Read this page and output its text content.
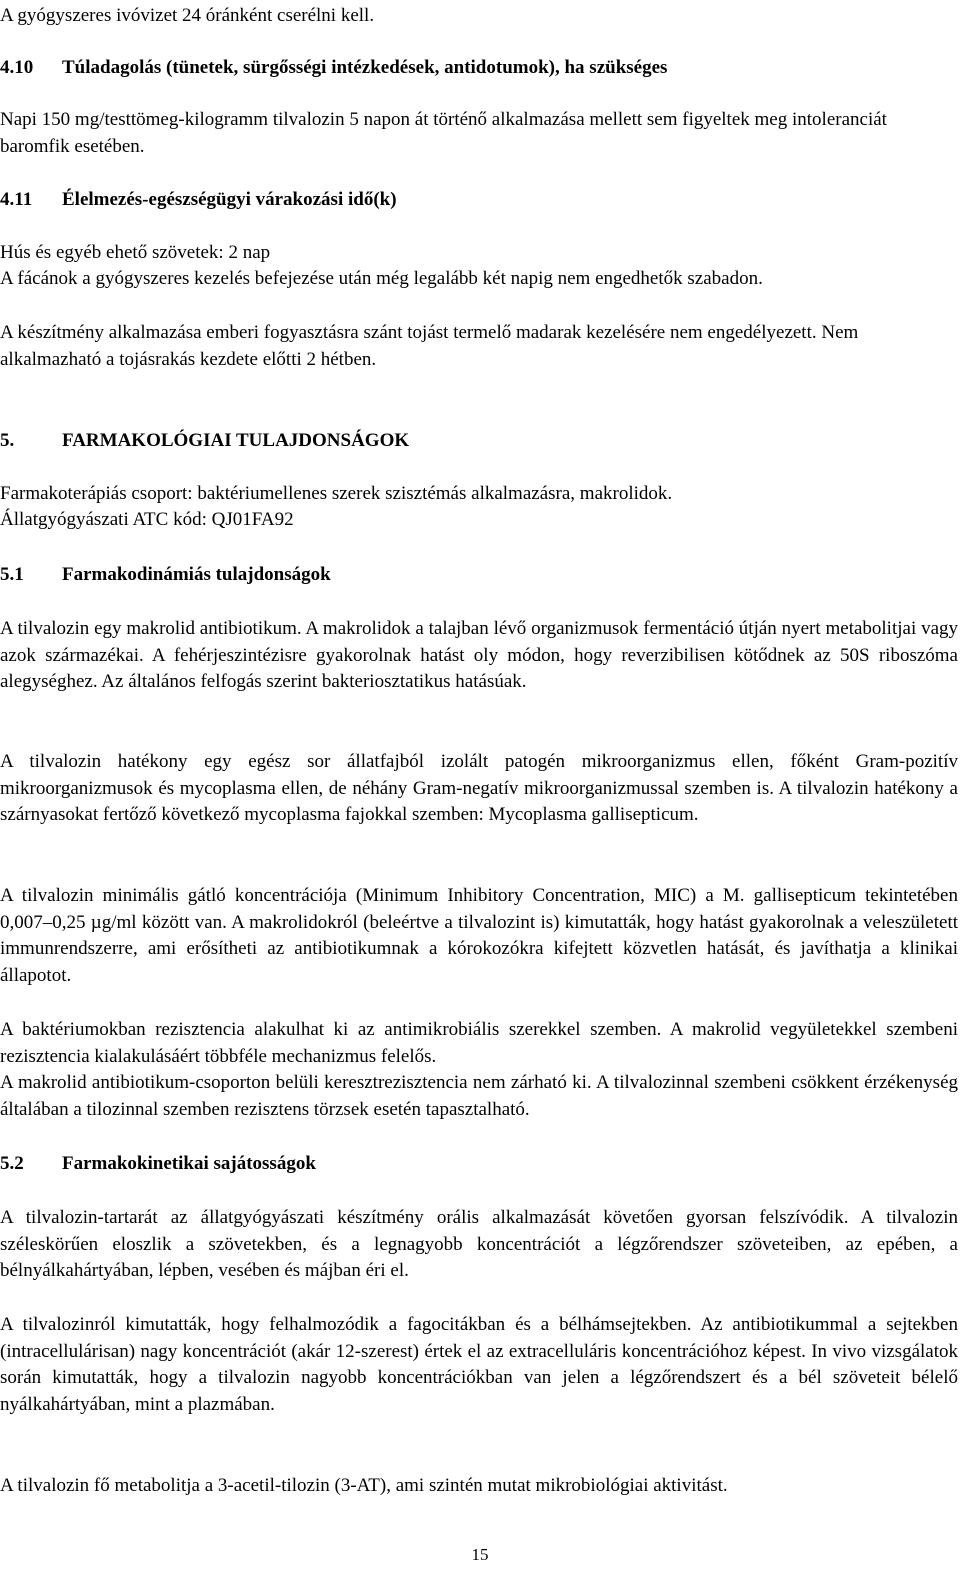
A gyógyszeres ivóvizet 24 óránként cserélni kell.

4.10 Túladagolás (tünetek, sürgősségi intézkedések, antidotumok), ha szükséges

Napi 150 mg/testtömeg-kilogramm tilvalozin 5 napon át történő alkalmazása mellett sem figyeltek meg intoleranciát baromfik esetében.

4.11 Élelmezés-egészségügyi várakozási idő(k)

Hús és egyéb ehető szövetek: 2 nap

A fácánok a gyógyszeres kezelés befejezése után még legalább két napig nem engedhetők szabadon.

A készítmény alkalmazása emberi fogyasztásra szánt tojást termelő madarak kezelésére nem engedélyezett. Nem alkalmazható a tojásrakás kezdete előtti 2 hétben.

5.	FARMAKOLÓGIAI TULAJDONSÁGOK

Farmakoterápiás csoport: baktériumellenes szerek szisztémás alkalmazásra, makrolidok.

Állatgyógyászati ATC kód: QJ01FA92

5.1 Farmakodinámiás tulajdonságok

A tilvalozin egy makrolid antibiotikum. A makrolidok a talajban lévő organizmusok fermentáció útján nyert metabolitjai vagy azok származékai. A fehérjeszintézisre gyakorolnak hatást oly módon, hogy reverzibilisen kötődnek az 50S riboszóma alegységhez. Az általános felfogás szerint bakteriosztatikus hatásúak.

A tilvalozin hatékony egy egész sor állatfajból izolált patogén mikroorganizmus ellen, főként Gram-pozitív mikroorganizmusok és mycoplasma ellen, de néhány Gram-negatív mikroorganizmussal szemben is. A tilvalozin hatékony a szárnyasokat fertőző következő mycoplasma fajokkal szemben: Mycoplasma gallisepticum.

A tilvalozin minimális gátló koncentrációja (Minimum Inhibitory Concentration, MIC) a M. gallisepticum tekintetében 0,007–0,25 µg/ml között van. A makrolidokról (beleértve a tilvalozint is) kimutatták, hogy hatást gyakorolnak a veleszületett immunrendszerre, ami erősítheti az antibiotikumnak a kórokozókra kifejtett közvetlen hatását, és javíthatja a klinikai állapotot.

A baktériumokban rezisztencia alakulhat ki az antimikrobiális szerekkel szemben. A makrolid vegyületekkel szembeni rezisztencia kialakulásáért többféle mechanizmus felelős.

A makrolid antibiotikum-csoporton belüli keresztrezisztencia nem zárható ki. A tilvalozinnal szembeni csökkent érzékenység általában a tilozinnal szemben rezisztens törzsek esetén tapasztalható.

5.2 Farmakokinetikai sajátosságok

A tilvalozin-tartarát az állatgyógyászati készítmény orális alkalmazását követően gyorsan felszívódik. A tilvalozin széleskörűen eloszlik a szövetekben, és a legnagyobb koncentrációt a légzőrendszer szöveteiben, az epében, a bélnyálkahártyában, lépben, vesében és májban éri el.

A tilvalozinról kimutatták, hogy felhalmozódik a fagocitákban és a bélhámsejtekben. Az antibiotikummal a sejtekben (intracellulárisan) nagy koncentrációt (akár 12-szerest) értek el az extracelluláris koncentrációhoz képest. In vivo vizsgálatok során kimutatták, hogy a tilvalozin nagyobb koncentrációkban van jelen a légzőrendszert és a bél szöveteit bélelő nyálkahártyában, mint a plazmában.

A tilvalozin fő metabolitja a 3-acetil-tilozin (3-AT), ami szintén mutat mikrobiológiai aktivitást.

15
